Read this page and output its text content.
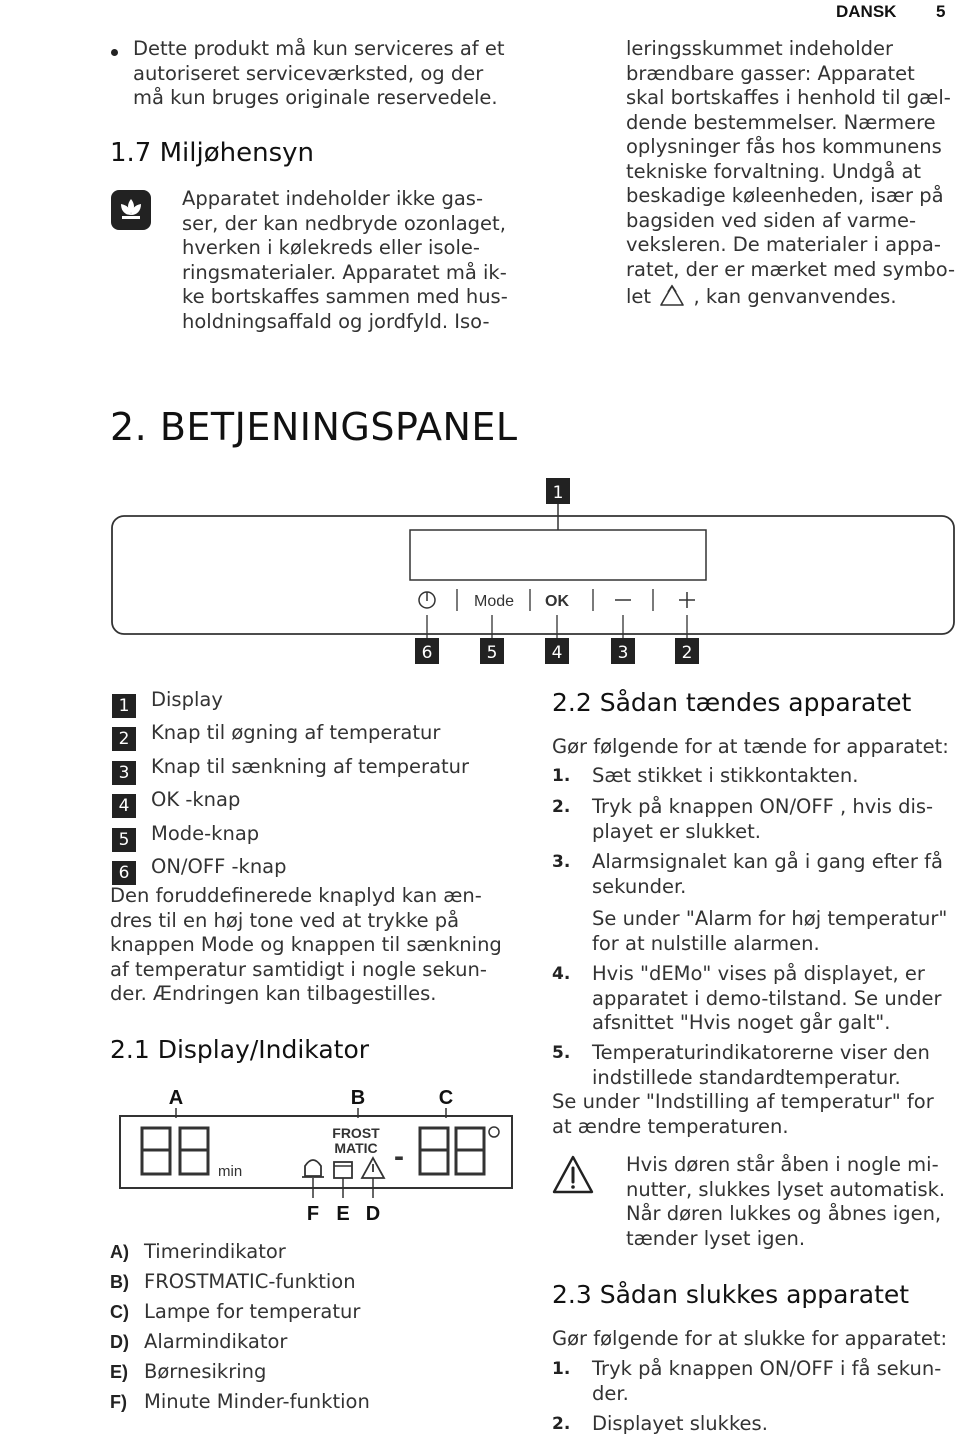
DANSK 5
Dette produkt må kun serviceres af et
autoriseret serviceværksted, og der
må kun bruges originale reservedele.
1.7 Miljøhensyn
Apparatet indeholder ikke gas-
ser, der kan nedbryde ozonlaget,
hverken i kølekreds eller isole-
ringsmaterialer. Apparatet må ik-
ke bortskaffes sammen med hus-
holdningsaffald og jordfyld. Iso-
leringsskummet indeholder
brændbare gasser: Apparatet
skal bortskaffes i henhold til gæl-
dende bestemmelser. Nærmere
oplysninger fås hos kommunens
tekniske forvaltning. Undgå at
beskadige køleenheden, især på
bagsiden ved siden af varme-
veksleren. De materialer i appa-
ratet, der er mærket med symbo-
let , kan genvanvendes.
2. BETJENINGSPANEL
1
Mode OK
6	5	4	3	2
1	Display
2	Knap til øgning af temperatur
3	Knap til sænkning af temperatur
4	OK -knap
5	Mode-knap
6	ON/OFF -knap
Den foruddefinerede knaplyd kan æn-
dres til en høj tone ved at trykke på
knappen Mode og knappen til sænkning
af temperatur samtidigt i nogle sekun-
der. Ændringen kan tilbagestilles.
2.1 Display/Indikator
A	B	C
min
FROST
MATIC -
F E D
A) Timerindikator
B) FROSTMATIC-funktion
C) Lampe for temperatur
D) Alarmindikator
E) Børnesikring
F) Minute Minder-funktion
2.2 Sådan tændes apparatet
Gør følgende for at tænde for apparatet:
1. Sæt stikket i stikkontakten.
2. Tryk på knappen ON/OFF , hvis dis-
playet er slukket.
3. Alarmsignalet kan gå i gang efter få
sekunder.
Se under "Alarm for høj temperatur"
for at nulstille alarmen.
4. Hvis "dEMo" vises på displayet, er
apparatet i demo-tilstand. Se under
afsnittet "Hvis noget går galt".
5. Temperaturindikatorerne viser den
indstillede standardtemperatur.
Se under "Indstilling af temperatur" for
at ændre temperaturen.
Hvis døren står åben i nogle mi-
nutter, slukkes lyset automatisk.
Når døren lukkes og åbnes igen,
tænder lyset igen.
2.3 Sådan slukkes apparatet
Gør følgende for at slukke for apparatet:
1. Tryk på knappen ON/OFF i få sekun-
der.
2. Displayet slukkes.
